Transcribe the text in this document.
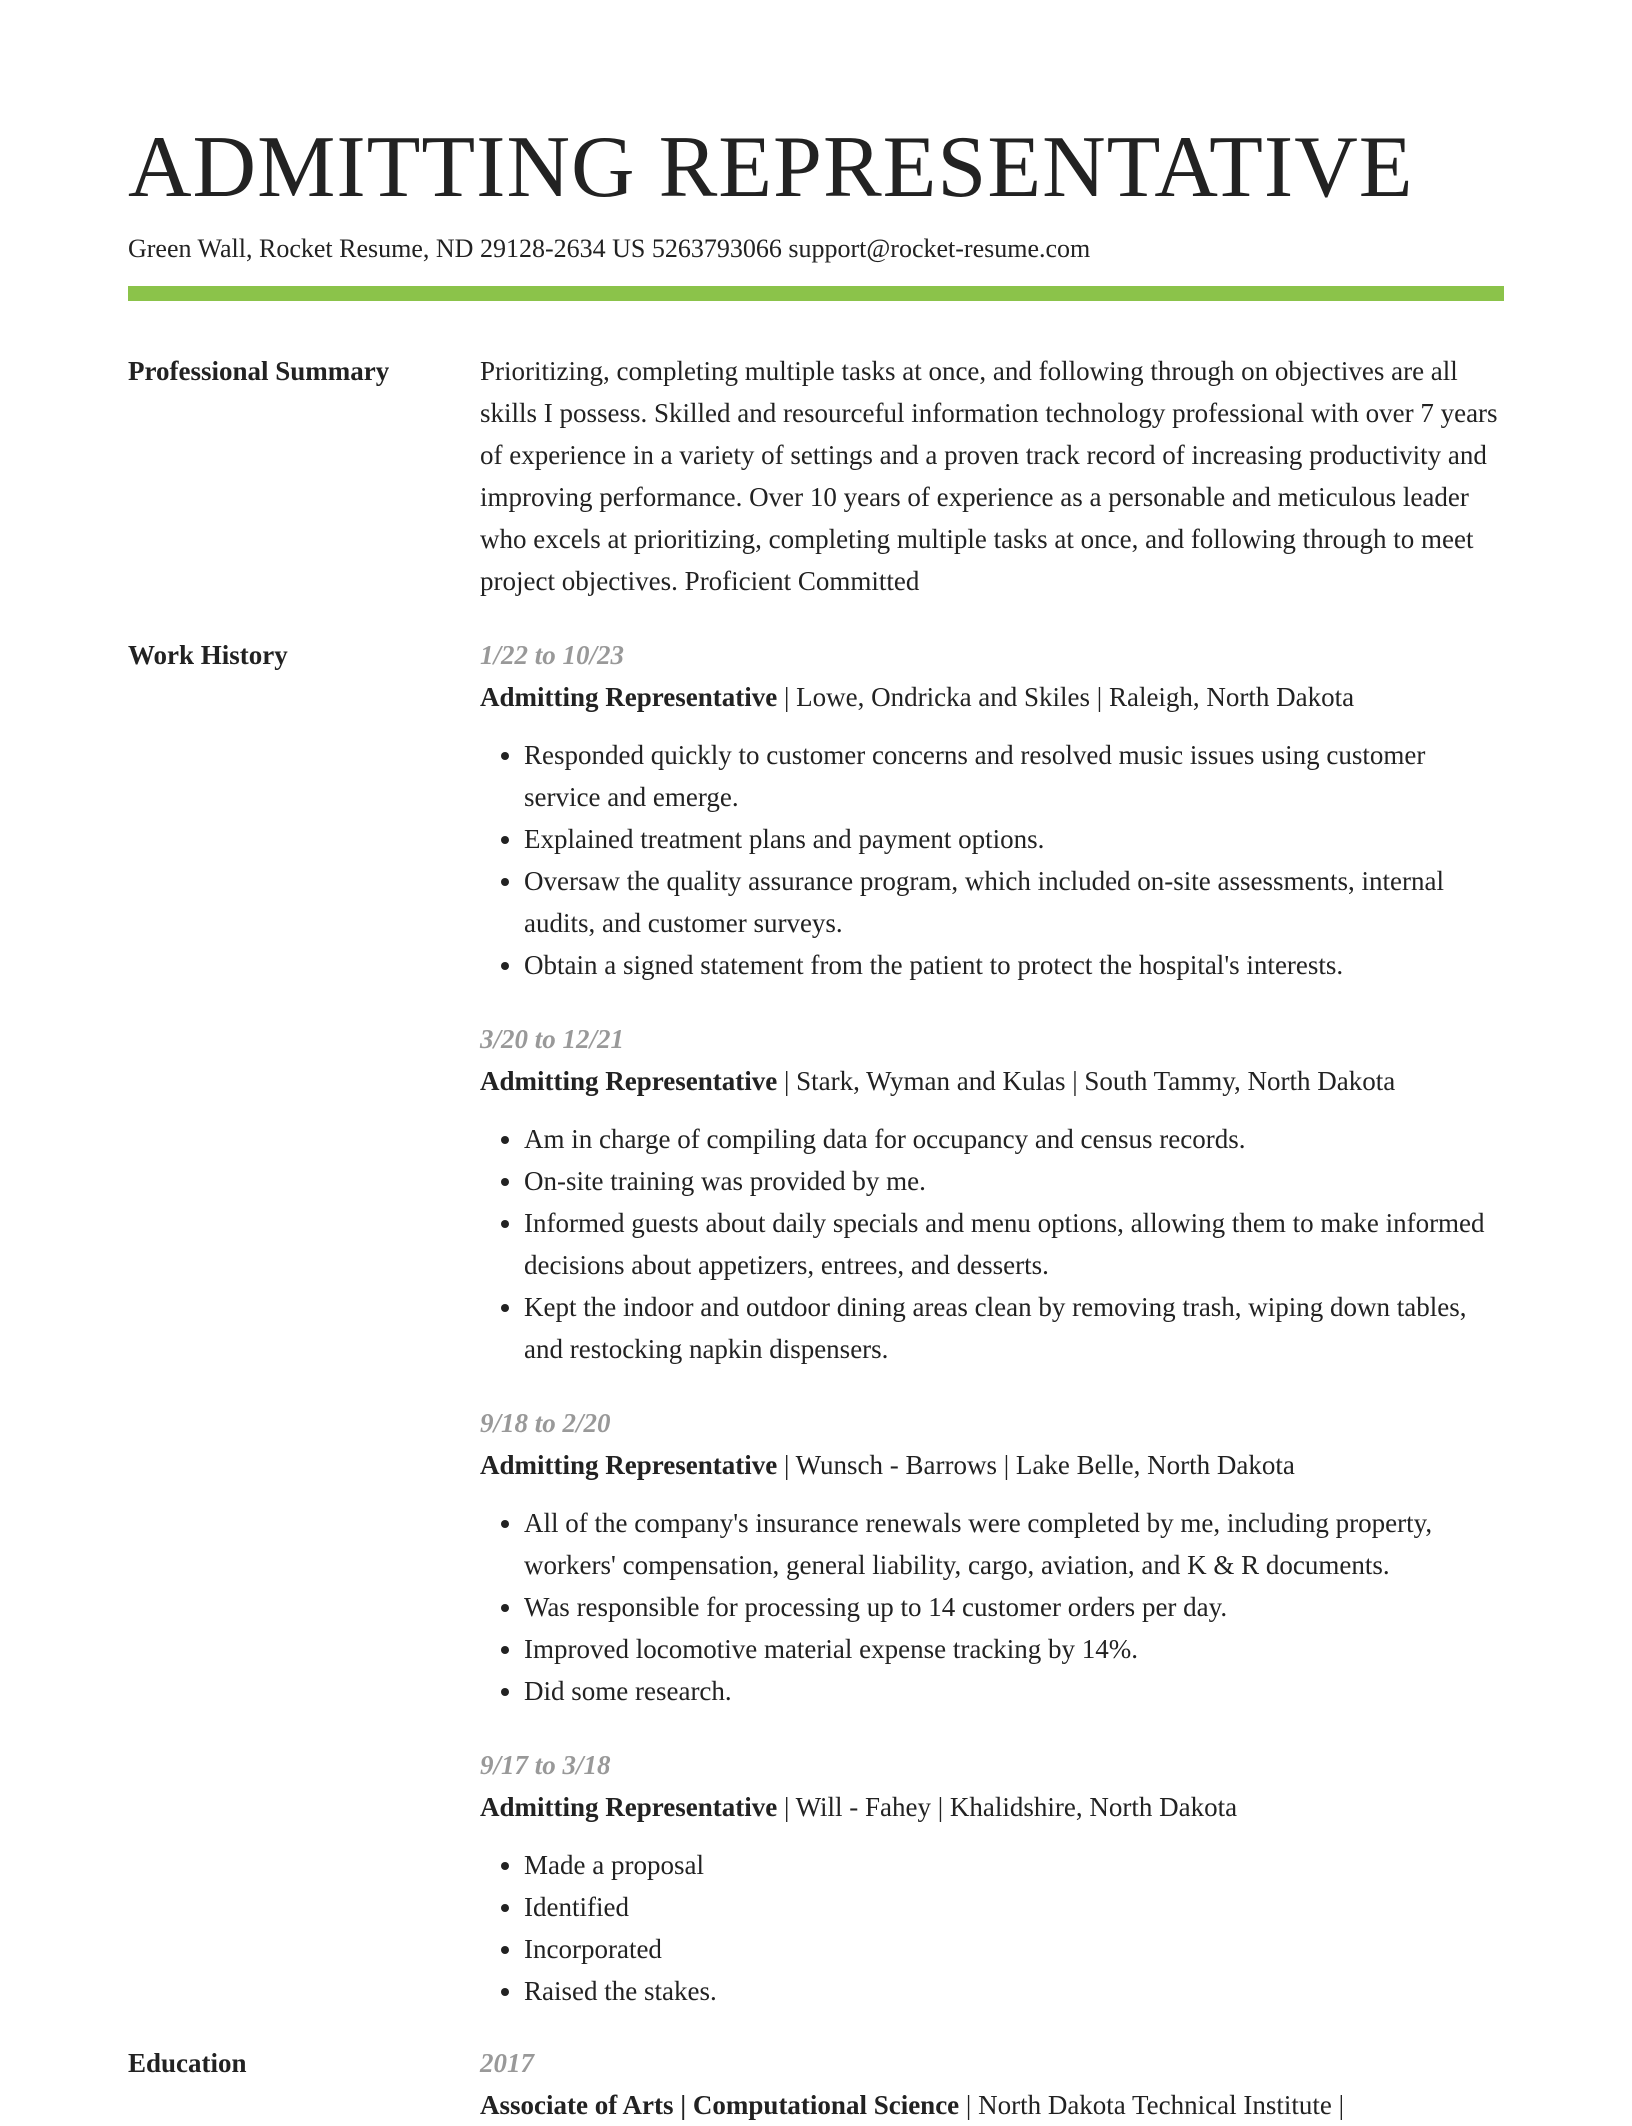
ADMITTING REPRESENTATIVE
Green Wall, Rocket Resume, ND 29128-2634 US 5263793066 support@rocket-resume.com
Professional Summary	Prioritizing, completing multiple tasks at once, and following through on objectives are all skills I possess. Skilled and resourceful information technology professional with over 7 years of experience in a variety of settings and a proven track record of increasing productivity and improving performance. Over 10 years of experience as a personable and meticulous leader who excels at prioritizing, completing multiple tasks at once, and following through to meet project objectives. Proficient Committed

Work History	1/22 to 10/23
Admitting Representative | Lowe, Ondricka and Skiles | Raleigh, North Dakota
• Responded quickly to customer concerns and resolved music issues using customer service and emerge.
• Explained treatment plans and payment options.
• Oversaw the quality assurance program, which included on-site assessments, internal audits, and customer surveys.
• Obtain a signed statement from the patient to protect the hospital's interests.
3/20 to 12/21
Admitting Representative | Stark, Wyman and Kulas | South Tammy, North Dakota
• Am in charge of compiling data for occupancy and census records.
• On-site training was provided by me.
• Informed guests about daily specials and menu options, allowing them to make informed decisions about appetizers, entrees, and desserts.
• Kept the indoor and outdoor dining areas clean by removing trash, wiping down tables, and restocking napkin dispensers.
9/18 to 2/20
Admitting Representative | Wunsch - Barrows | Lake Belle, North Dakota
• All of the company's insurance renewals were completed by me, including property, workers' compensation, general liability, cargo, aviation, and K & R documents.
• Was responsible for processing up to 14 customer orders per day.
• Improved locomotive material expense tracking by 14%.
• Did some research.
9/17 to 3/18
Admitting Representative | Will - Fahey | Khalidshire, North Dakota
• Made a proposal
• Identified
• Incorporated
• Raised the stakes.
Education	2017
Associate of Arts | Computational Science | North Dakota Technical Institute |
